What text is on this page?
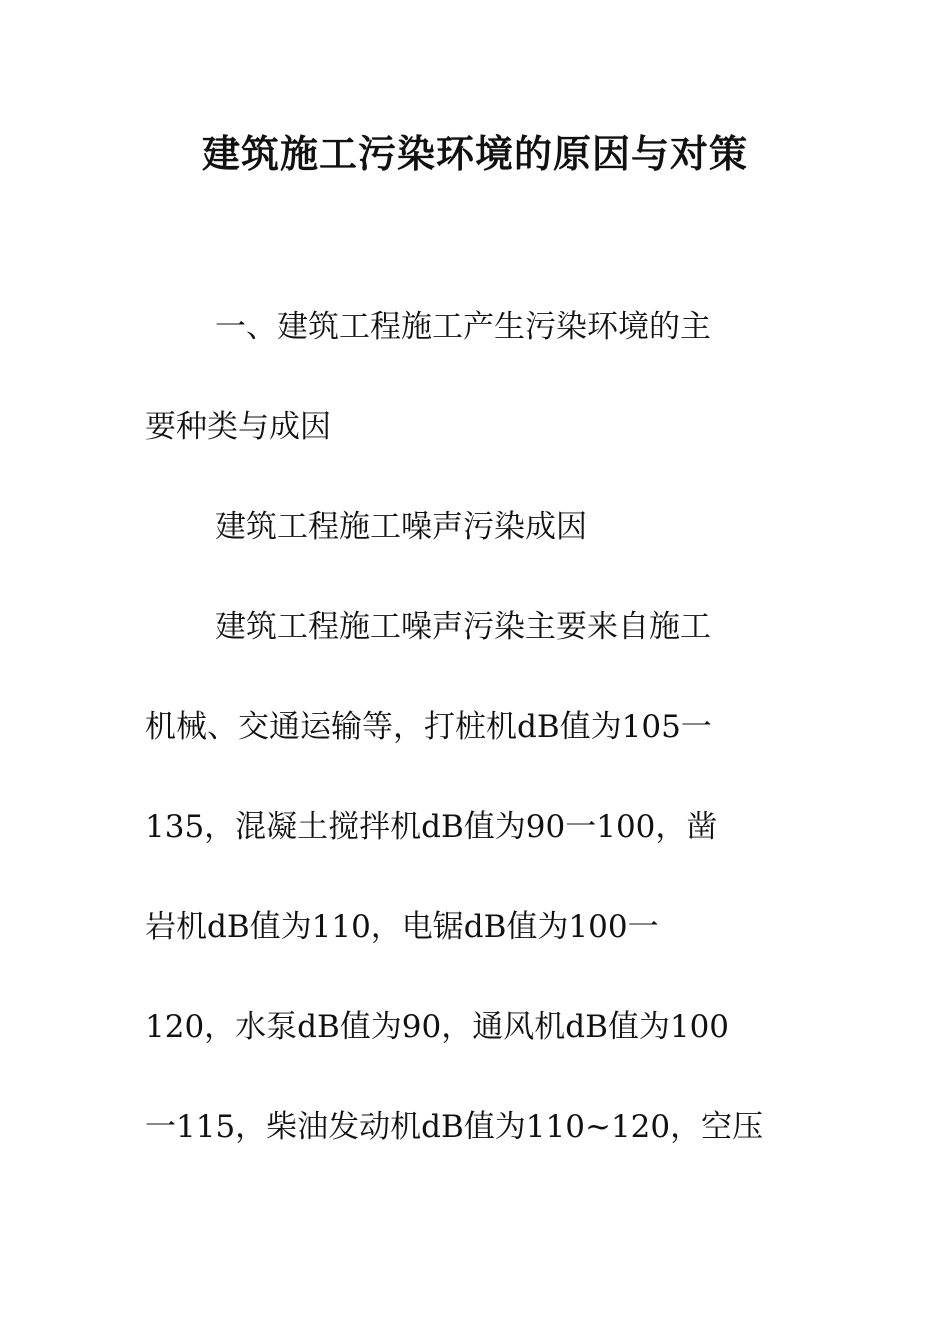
建筑施工污染环境的原因与对策
一、建筑工程施工产生污染环境的主
要种类与成因
建筑工程施工噪声污染成因
建筑工程施工噪声污染主要来自施工
机械、交通运输等，打桩机dB值为105一
135，混凝土搅拌机dB值为90一100，凿
岩机dB值为110，电锯dB值为100一
120，水泵dB值为90，通风机dB值为100
一115，柴油发动机dB值为110~120，空压
